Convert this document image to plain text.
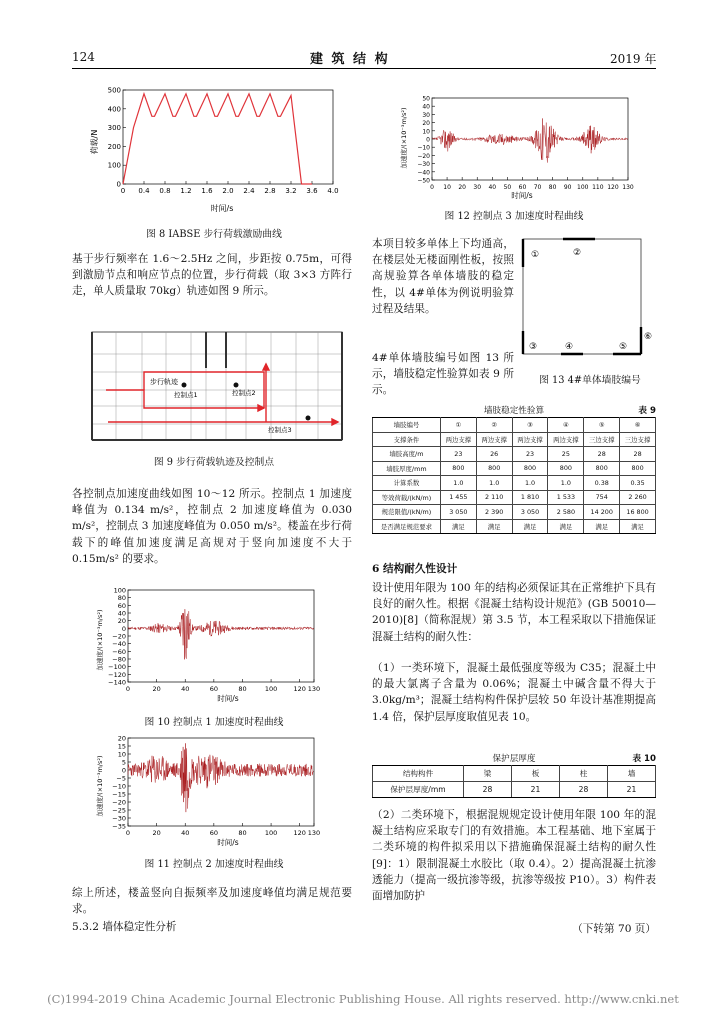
124	建 筑 结 构	2019 年
500
400
300
200
100
0
0 0.4 0.8 1.2 1.6 2.0 2.4 2.8 3.2 3.6 4.0
荷载/N
时间/s
图 8 IABSE 步行荷载激励曲线

基于步行频率在 1.6～2.5Hz 之间，步距按 0.75m，可得到激励节点和响应节点的位置，步行荷载（取 3×3 方阵行走，单人质量取 70kg）轨迹如图 9 所示。

步行轨迹
控制点1	控制点2
控制点3
图 9 步行荷载轨迹及控制点

各控制点加速度曲线如图 10～12 所示。控制点 1 加速度峰值为 0.134 m/s²，控制点 2 加速度峰值为 0.030 m/s²，控制点 3 加速度峰值为 0.050 m/s²。楼盖在步行荷载下的峰值加速度满足高规对于竖向加速度不大于 0.15m/s² 的要求。

100
80
60
40
20
0
−20
−40
−60
−80
−100
−120
−140
0	20	40	60	80	100 120 130
加速度/(×10⁻³m/s²)
时间/s
图 10 控制点 1 加速度时程曲线
20
15
10
5
0
−5
−10
−15
−20
−25
−30
−35
0	20	40	60	80	100 120 130
加速度/(×10⁻³m/s²)
时间/s
图 11 控制点 2 加速度时程曲线

综上所述，楼盖竖向自振频率及加速度峰值均满足规范要求。

5.3.2 墙体稳定性分析
50
40
30
20
10
0
−10
−20
−30
−40
−50
0 10 20 30 40 50 60 70 80 90 100 110 120 130
加速度/(×10⁻³m/s²)
时间/s
图 12 控制点 3 加速度时程曲线

本项目较多单体上下均通高，在楼层处无楼面刚性板，按照高规验算各单体墙肢的稳定性，以 4#单体为例说明验算过程及结果。

4#单体墙肢编号如图 13 所示，墙肢稳定性验算如表 9 所示。

①	②
③	④	⑤
⑥
图 13 4#单体墙肢编号
墙肢稳定性验算	表 9
墙肢编号	①	②	③	④	⑤	⑥
支撑条件	两边支撑	两边支撑	两边支撑	两边支撑	三边支撑	三边支撑
墙肢高度/m	23	26	23	25	28	28
墙肢厚度/mm	800	800	800	800	800	800
计算系数	1.0	1.0	1.0	1.0	0.38	0.35
等效荷载/(kN/m)	1 455	2 110	1 810	1 533	754	2 260
规范限值/(kN/m)	3 050	2 390	3 050	2 580	14 200	16 800
是否满足规范要求	满足	满足	满足	满足	满足	满足
6 结构耐久性设计

设计使用年限为 100 年的结构必须保证其在正常维护下具有良好的耐久性。根据《混凝土结构设计规范》(GB 50010—2010)[8]（简称混规）第 3.5 节，本工程采取以下措施保证混凝土结构的耐久性：

（1）一类环境下，混凝土最低强度等级为 C35；混凝土中的最大氯离子含量为 0.06%；混凝土中碱含量不得大于 3.0kg/m³；混凝土结构构件保护层较 50 年设计基准期提高 1.4 倍，保护层厚度取值见表 10。

保护层厚度	表 10
结构构件	梁	板	柱	墙
保护层厚度/mm	28	21	28	21

（2）二类环境下，根据混规规定设计使用年限 100 年的混凝土结构应采取专门的有效措施。本工程基础、地下室属于二类环境的构件拟采用以下措施确保混凝土结构的耐久性[9]：1）限制混凝土水胶比（取 0.4）。2）提高混凝土抗渗透能力（提高一级抗渗等级，抗渗等级按 P10）。3）构件表面增加防护

（下转第 70 页）
(C)1994-2019 China Academic Journal Electronic Publishing House. All rights reserved. http://www.cnki.net
